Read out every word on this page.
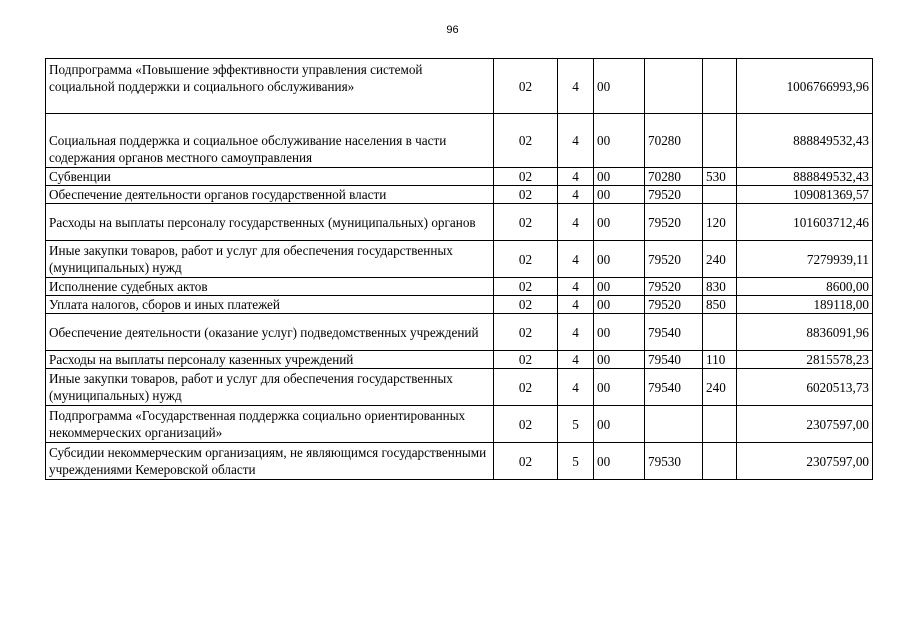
96
Подпрограмма «Повышение эффективности управления системой социальной поддержки и социального обслуживания»	02	4	00			1006766993,96
Социальная поддержка и социальное обслуживание населения в части содержания органов местного самоуправления	02	4	00	70280		888849532,43
Субвенции	02	4	00	70280	530	888849532,43
Обеспечение деятельности органов государственной власти	02	4	00	79520		109081369,57
Расходы на выплаты персоналу государственных (муниципальных) органов	02	4	00	79520	120	101603712,46
Иные закупки товаров, работ и услуг для обеспечения государственных (муниципальных) нужд	02	4	00	79520	240	7279939,11
Исполнение судебных актов	02	4	00	79520	830	8600,00
Уплата налогов, сборов и иных платежей	02	4	00	79520	850	189118,00
Обеспечение деятельности (оказание услуг) подведомственных учреждений	02	4	00	79540		8836091,96
Расходы на выплаты персоналу казенных учреждений	02	4	00	79540	110	2815578,23
Иные закупки товаров, работ и услуг для обеспечения государственных (муниципальных) нужд	02	4	00	79540	240	6020513,73
Подпрограмма «Государственная поддержка социально ориентированных некоммерческих организаций»	02	5	00			2307597,00
Субсидии некоммерческим организациям, не являющимся государственными учреждениями Кемеровской области	02	5	00	79530		2307597,00
